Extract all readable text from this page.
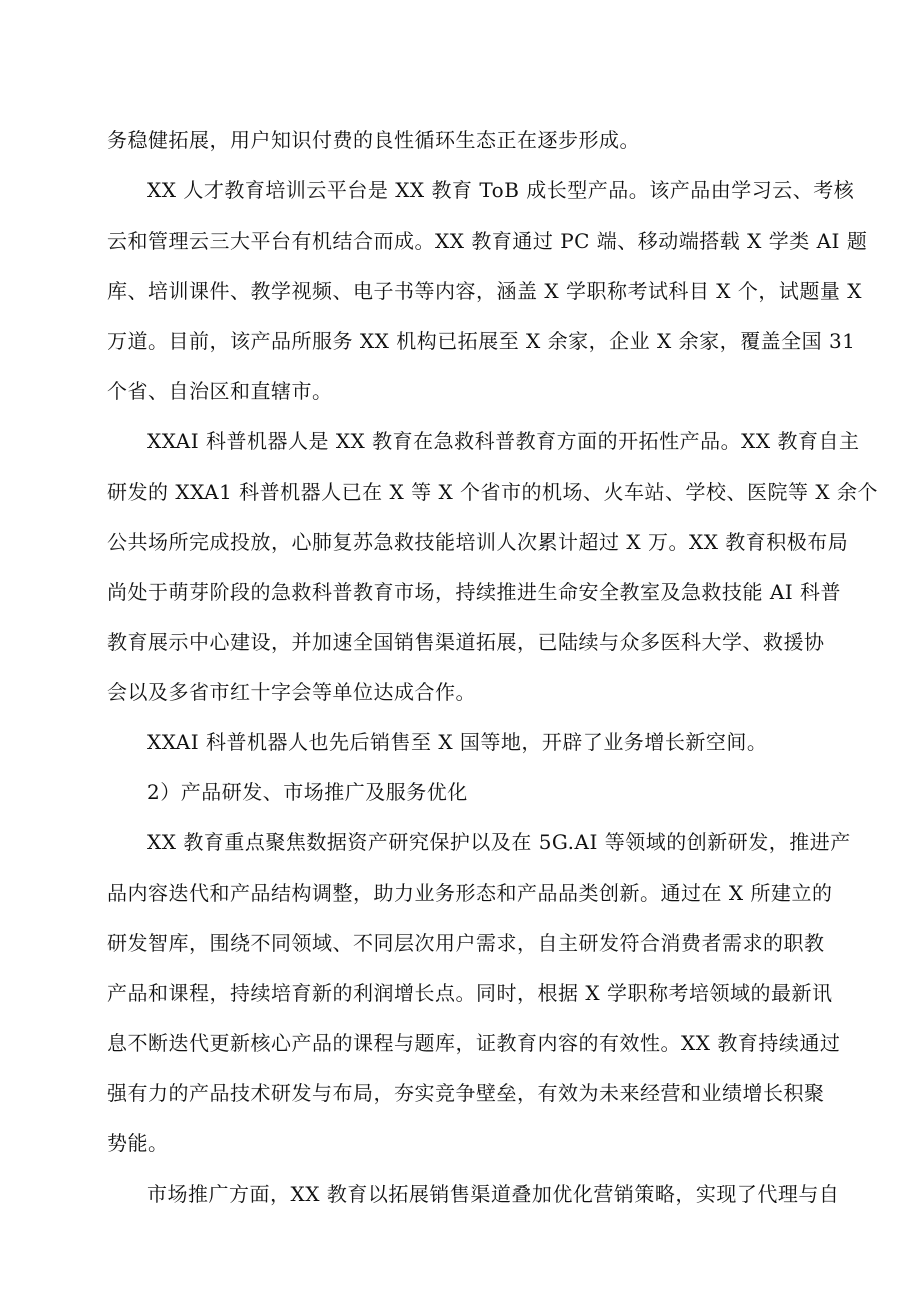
务稳健拓展，用户知识付费的良性循环生态正在逐步形成。
XX 人才教育培训云平台是 XX 教育 ToB 成长型产品。该产品由学习云、考核
云和管理云三大平台有机结合而成。XX 教育通过 PC 端、移动端搭载 X 学类 AI 题
库、培训课件、教学视频、电子书等内容，涵盖 X 学职称考试科目 X 个，试题量 X
万道。目前，该产品所服务 XX 机构已拓展至 X 余家，企业 X 余家，覆盖全国 31
个省、自治区和直辖市。
XXAI 科普机器人是 XX 教育在急救科普教育方面的开拓性产品。XX 教育自主
研发的 XXA1 科普机器人已在 X 等 X 个省市的机场、火车站、学校、医院等 X 余个
公共场所完成投放，心肺复苏急救技能培训人次累计超过 X 万。XX 教育积极布局
尚处于萌芽阶段的急救科普教育市场，持续推进生命安全教室及急救技能 AI 科普
教育展示中心建设，并加速全国销售渠道拓展，已陆续与众多医科大学、救援协
会以及多省市红十字会等单位达成合作。
XXAI 科普机器人也先后销售至 X 国等地，开辟了业务增长新空间。
2）产品研发、市场推广及服务优化
XX 教育重点聚焦数据资产研究保护以及在 5G.AI 等领域的创新研发，推进产
品内容迭代和产品结构调整，助力业务形态和产品品类创新。通过在 X 所建立的
研发智库，围绕不同领域、不同层次用户需求，自主研发符合消费者需求的职教
产品和课程，持续培育新的利润增长点。同时，根据 X 学职称考培领域的最新讯
息不断迭代更新核心产品的课程与题库，证教育内容的有效性。XX 教育持续通过
强有力的产品技术研发与布局，夯实竞争壁垒，有效为未来经营和业绩增长积聚
势能。
市场推广方面，XX 教育以拓展销售渠道叠加优化营销策略，实现了代理与自
